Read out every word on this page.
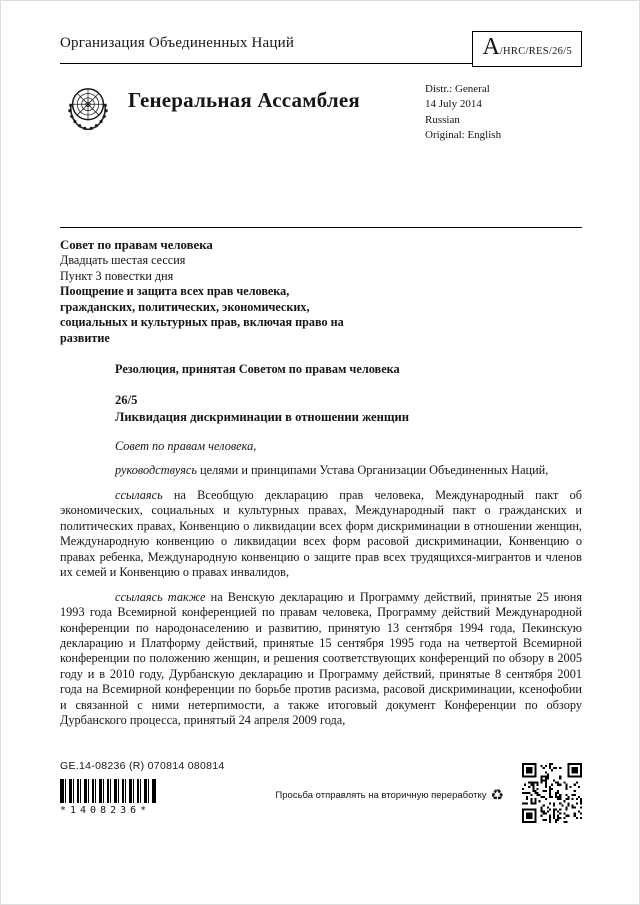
Организация Объединенных Наций	A /HRC/RES/26/5
Генеральная Ассамблея	Distr.: General
14 July 2014
Russian
Original: English
Совет по правам человека
Двадцать шестая сессия
Пункт 3 повестки дня
Поощрение и защита всех прав человека, гражданских, политических, экономических, социальных и культурных прав, включая право на развитие
Резолюция, принятая Советом по правам человека
26/5
Ликвидация дискриминации в отношении женщин

Совет по правам человека,

руководствуясь целями и принципами Устава Организации Объединенных Наций,

ссылаясь на Всеобщую декларацию прав человека, Международный пакт об экономических, социальных и культурных правах, Международный пакт о гражданских и политических правах, Конвенцию о ликвидации всех форм дискриминации в отношении женщин, Международную конвенцию о ликвидации всех форм расовой дискриминации, Конвенцию о правах ребенка, Международную конвенцию о защите прав всех трудящихся-мигрантов и членов их семей и Конвенцию о правах инвалидов,

ссылаясь также на Венскую декларацию и Программу действий, принятые 25 июня 1993 года Всемирной конференцией по правам человека, Программу действий Международной конференции по народонаселению и развитию, принятую 13 сентября 1994 года, Пекинскую декларацию и Платформу действий, принятые 15 сентября 1995 года на четвертой Всемирной конференции по положению женщин, и решения соответствующих конференций по обзору в 2005 году и в 2010 году, Дурбанскую декларацию и Программу действий, принятые 8 сентября 2001 года на Всемирной конференции по борьбе против расизма, расовой дискриминации, ксенофобии и связанной с ними нетерпимости, а также итоговый документ Конференции по обзору Дурбанского процесса, принятый 24 апреля 2009 года,

GE.14-08236 (R) 070814 080814
*1408236*
Просьба отправлять на вторичную переработку ♻
